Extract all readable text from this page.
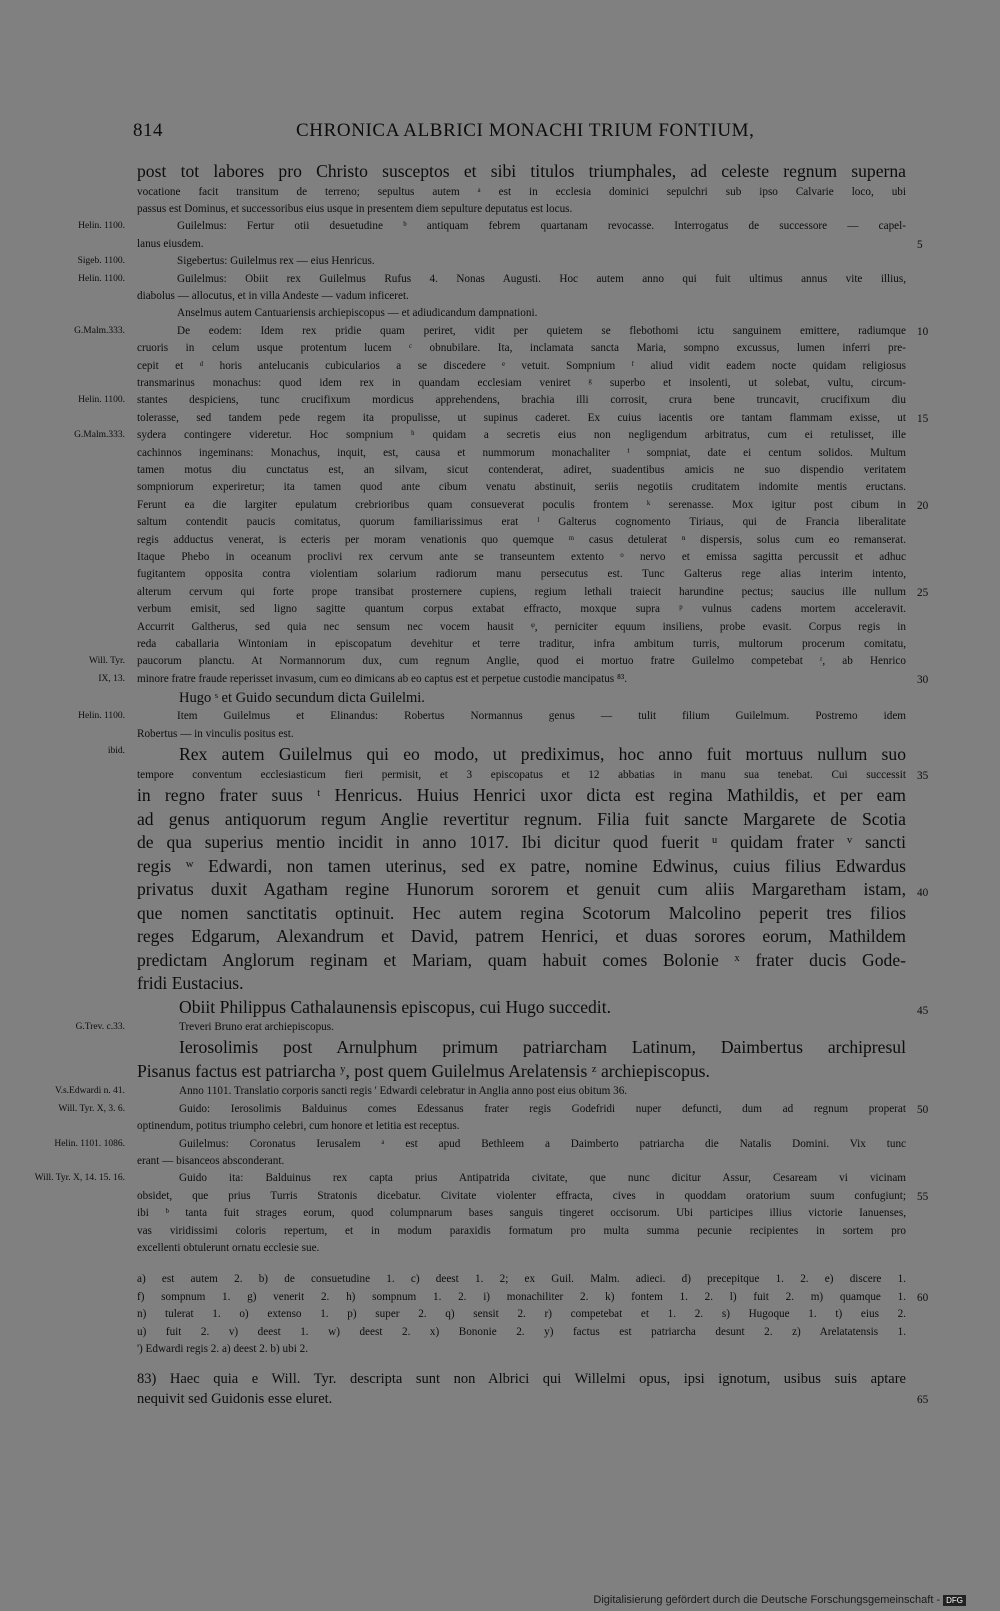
814	CHRONICA ALBRICI MONACHI TRIUM FONTIUM,
post tot labores pro Christo susceptos et sibi titulos triumphales, ad celeste regnum superna
vocatione facit transitum de terreno; sepultus autem ᵃ est in ecclesia dominici sepulchri sub ipso Calvarie loco, ubi
passus est Dominus, et successoribus eius usque in presentem diem sepulture deputatus est locus.
Guilelmus: Fertur otii desuetudine ᵇ antiquam febrem quartanam revocasse. Interrogatus de successore — capel-
Helin. 1100.
lanus eiusdem.	5
Sigebertus: Guilelmus rex — eius Henricus.
Sigeb. 1100.
Guilelmus: Obiit rex Guilelmus Rufus 4. Nonas Augusti. Hoc autem anno qui fuit ultimus annus vite illius,
Helin. 1100.
diabolus — allocutus, et in villa Andeste — vadum inficeret.
Anselmus autem Cantuariensis archiepiscopus — et adiudicandum dampnationi.
De eodem: Idem rex pridie quam periret, vidit per quietem se flebothomi ictu sanguinem emittere, radiumque
G.Malm.333.	10
cruoris in celum usque protentum lucem ᶜ obnubilare. Ita, inclamata sancta Maria, sompno excussus, lumen inferri pre-
cepit et ᵈ horis antelucanis cubicularios a se discedere ᵉ vetuit. Sompnium ᶠ aliud vidit eadem nocte quidam religiosus
transmarinus monachus: quod idem rex in quandam ecclesiam veniret ᵍ superbo et insolenti, ut solebat, vultu, circum-
stantes despiciens, tunc crucifixum mordicus apprehendens, brachia illi corrosit, crura bene truncavit, crucifixum diu
Helin. 1100.
tolerasse, sed tandem pede regem ita propulisse, ut supinus caderet. Ex cuius iacentis ore tantam flammam exisse, ut 15
sydera contingere videretur. Hoc sompnium ʰ quidam a secretis eius non negligendum arbitratus, cum ei retulisset, ille
G.Malm.333.
cachinnos ingeminans: Monachus, inquit, est, causa et nummorum monachaliter ⁱ sompniat, date ei centum solidos. Multum
tamen motus diu cunctatus est, an silvam, sicut contenderat, adiret, suadentibus amicis ne suo dispendio veritatem
sompniorum experiretur; ita tamen quod ante cibum venatu abstinuit, seriis negotiis cruditatem indomite mentis eructans.
Ferunt ea die largiter epulatum crebrioribus quam consueverat poculis frontem ᵏ serenasse. Mox igitur post cibum in 20
saltum contendit paucis comitatus, quorum familiarissimus erat ˡ Galterus cognomento Tiriaus, qui de Francia liberalitate
regis adductus venerat, is ecteris per moram venationis quo quemque ᵐ casus detulerat ⁿ dispersis, solus cum eo remanserat.
Itaque Phebo in oceanum proclivi rex cervum ante se transeuntem extento ᵒ nervo et emissa sagitta percussit et adhuc
fugitantem opposita contra violentiam solarium radiorum manu persecutus est. Tunc Galterus rege alias interim intento,
alterum cervum qui forte prope transibat prosternere cupiens, regium lethali traiecit harundine pectus; saucius ille nullum 25
verbum emisit, sed ligno sagitte quantum corpus extabat effracto, moxque supra ᵖ vulnus cadens mortem acceleravit.
Accurrit Galtherus, sed quia nec sensum nec vocem hausit ᵠ, perniciter equum insiliens, probe evasit. Corpus regis in
reda caballaria Wintoniam in episcopatum devehitur et terre traditur, infra ambitum turris, multorum procerum comitatu,
paucorum planctu. At Normannorum dux, cum regnum Anglie, quod ei mortuo fratre Guilelmo competebat ʳ, ab Henrico
Will. Tyr.
minore fratre fraude reperisset invasum, cum eo dimicans ab eo captus est et perpetue custodie mancipatus ⁸³.
IX, 13.	30
Hugo ˢ et Guido secundum dicta Guilelmi.
Item Guilelmus et Elinandus: Robertus Normannus genus — tulit filium Guilelmum. Postremo idem
Helin. 1100.
Robertus — in vinculis positus est.
Rex autem Guilelmus qui eo modo, ut prediximus, hoc anno fuit mortuus nullum suo
ibid.
tempore conventum ecclesiasticum fieri permisit, et 3 episcopatus et 12 abbatias in manu sua tenebat. Cui successit 35
in regno frater suus ᵗ Henricus. Huius Henrici uxor dicta est regina Mathildis, et per eam
ad genus antiquorum regum Anglie revertitur regnum. Filia fuit sancte Margarete de Scotia
de qua superius mentio incidit in anno 1017. Ibi dicitur quod fuerit ᵘ quidam frater ᵛ sancti
regis ʷ Edwardi, non tamen uterinus, sed ex patre, nomine Edwinus, cuius filius Edwardus
privatus duxit Agatham regine Hunorum sororem et genuit cum aliis Margaretham istam, 40
que nomen sanctitatis optinuit. Hec autem regina Scotorum Malcolino peperit tres filios
reges Edgarum, Alexandrum et David, patrem Henrici, et duas sorores eorum, Mathildem
predictam Anglorum reginam et Mariam, quam habuit comes Bolonie ˣ frater ducis Gode-
fridi Eustacius.
Obiit Philippus Cathalaunensis episcopus, cui Hugo succedit.	45
Treveri Bruno erat archiepiscopus.
G.Trev. c.33.
Ierosolimis post Arnulphum primum patriarcham Latinum, Daimbertus archipresul
Pisanus factus est patriarcha ʸ, post quem Guilelmus Arelatensis ᶻ archiepiscopus.
Anno 1101. Translatio corporis sancti regis ' Edwardi celebratur in Anglia anno post eius obitum 36.
V.s.Edwardi n. 41.
Guido: Ierosolimis Balduinus comes Edessanus frater regis Godefridi nuper defuncti, dum ad regnum properat
Will. Tyr. X, 3. 6.	50
optinendum, potitus triumpho celebri, cum honore et letitia est receptus.
Guilelmus: Coronatus Ierusalem ᵃ est apud Bethleem a Daimberto patriarcha die Natalis Domini. Vix tunc
Helin. 1101. 1086.
erant — bisanceos absconderant.
Guido ita: Balduinus rex capta prius Antipatrida civitate, que nunc dicitur Assur, Cesaream vi vicinam
Will. Tyr. X, 14. 15. 16.
obsidet, que prius Turris Stratonis dicebatur. Civitate violenter effracta, cives in quoddam oratorium suum confugiunt; 55
ibi ᵇ tanta fuit strages eorum, quod columpnarum bases sanguis tingeret occisorum. Ubi participes illius victorie Ianuenses,
vas viridissimi coloris repertum, et in modum paraxidis formatum pro multa summa pecunie recipientes in sortem pro
excellenti obtulerunt ornatu ecclesie sue.
a) est autem 2. b) de consuetudine 1. c) deest 1. 2; ex Guil. Malm. adieci. d) precepitque 1. 2. e) discere 1.
f) sompnum 1. g) venerit 2. h) sompnum 1. 2. i) monachiliter 2. k) fontem 1. 2. l) fuit 2. m) quamque 1. 60
n) tulerat 1. o) extenso 1. p) super 2. q) sensit 2. r) competebat et 1. 2. s) Hugoque 1. t) eius 2.
u) fuit 2. v) deest 1. w) deest 2. x) Bononie 2. y) factus est patriarcha desunt 2. z) Arelatatensis 1.
') Edwardi regis 2. a) deest 2. b) ubi 2.
83) Haec quia e Will. Tyr. descripta sunt non Albrici qui Willelmi opus, ipsi ignotum, usibus suis aptare
nequivit sed Guidonis esse eluret.	65
Digitalisierung gefördert durch die Deutsche Forschungsgemeinschaft - DFG
